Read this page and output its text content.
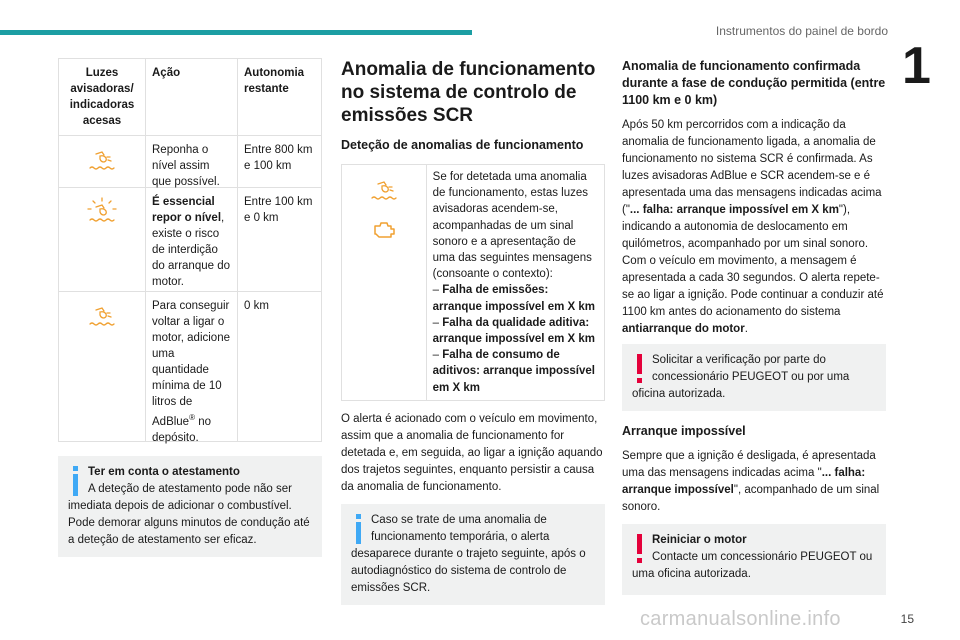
Instrumentos do painel de bordo
1
Luzes avisadoras/ indicadoras acesas
Ação	Autonomia restante
Reponha o nível assim que possível.
Entre 800 km e 100 km
É essencial repor o nível, existe o risco de interdição do arranque do motor.
Entre 100 km e 0 km
Para conseguir voltar a ligar o motor, adicione uma quantidade mínima de 10 litros de AdBlue® no depósito.
0 km
Ter em conta o atestamento
A deteção de atestamento pode não ser
imediata depois de adicionar o combustível. Pode demorar alguns minutos de condução até a deteção de atestamento ser eficaz.
Anomalia de funcionamento no sistema de controlo de emissões SCR
Deteção de anomalias de funcionamento
Se for detetada uma anomalia de funcionamento, estas luzes avisadoras acendem-se, acompanhadas de um sinal sonoro e a apresentação de uma das seguintes mensagens (consoante o contexto):
– Falha de emissões: arranque impossível em X km
– Falha da qualidade aditiva: arranque impossível em X km
– Falha de consumo de aditivos: arranque impossível em X km

O alerta é acionado com o veículo em movimento, assim que a anomalia de funcionamento for detetada e, em seguida, ao ligar a ignição aquando dos trajetos seguintes, enquanto persistir a causa da anomalia de funcionamento.

Caso se trate de uma anomalia de
funcionamento temporária, o alerta
desaparece durante o trajeto seguinte, após o autodiagnóstico do sistema de controlo de emissões SCR.
Anomalia de funcionamento confirmada durante a fase de condução permitida (entre 1100 km e 0 km)

Após 50 km percorridos com a indicação da anomalia de funcionamento ligada, a anomalia de funcionamento no sistema SCR é confirmada. As luzes avisadoras AdBlue e SCR acendem-se e é apresentada uma das mensagens indicadas acima ("... falha: arranque impossível em X km"), indicando a autonomia de deslocamento em quilómetros, acompanhado por um sinal sonoro. Com o veículo em movimento, a mensagem é apresentada a cada 30 segundos. O alerta repete-se ao ligar a ignição. Pode continuar a conduzir até 1100 km antes do acionamento do sistema antiarranque do motor.

Solicitar a verificação por parte do
concessionário PEUGEOT ou por uma
oficina autorizada.
Arranque impossível

Sempre que a ignição é desligada, é apresentada uma das mensagens indicadas acima "... falha: arranque impossível", acompanhado de um sinal sonoro.

Reiniciar o motor
Contacte um concessionário PEUGEOT ou
uma oficina autorizada.
carmanualsonline.info	15
